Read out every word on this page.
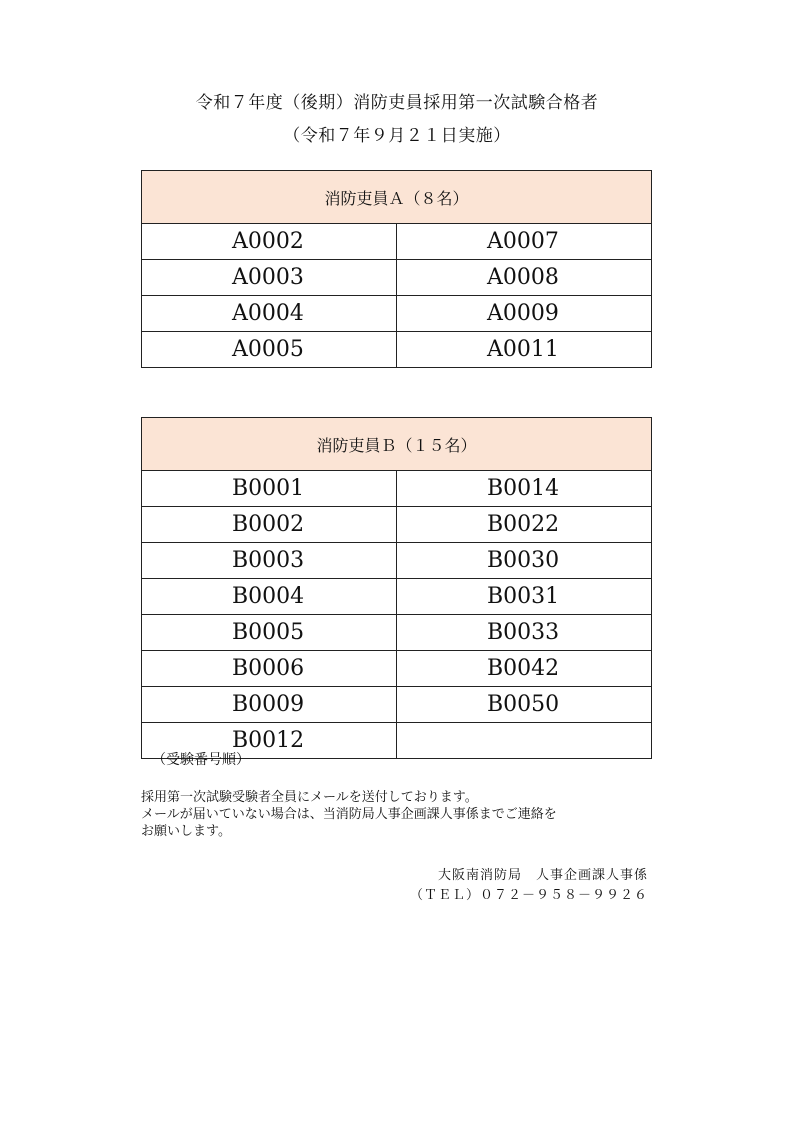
令和７年度（後期）消防吏員採用第一次試験合格者
（令和７年９月２１日実施）
消防吏員Ａ（８名）	
A0002	A0007
A0003	A0008
A0004	A0009
A0005	A0011
消防吏員Ｂ（１５名）	
B0001	B0014
B0002	B0022
B0003	B0030
B0004	B0031
B0005	B0033
B0006	B0042
B0009	B0050
B0012	
（受験番号順）
採用第一次試験受験者全員にメールを送付しております。
メールが届いていない場合は、当消防局人事企画課人事係までご連絡を
お願いします。
大阪南消防局　人事企画課人事係
（ＴＥＬ）０７２－９５８－９９２６
